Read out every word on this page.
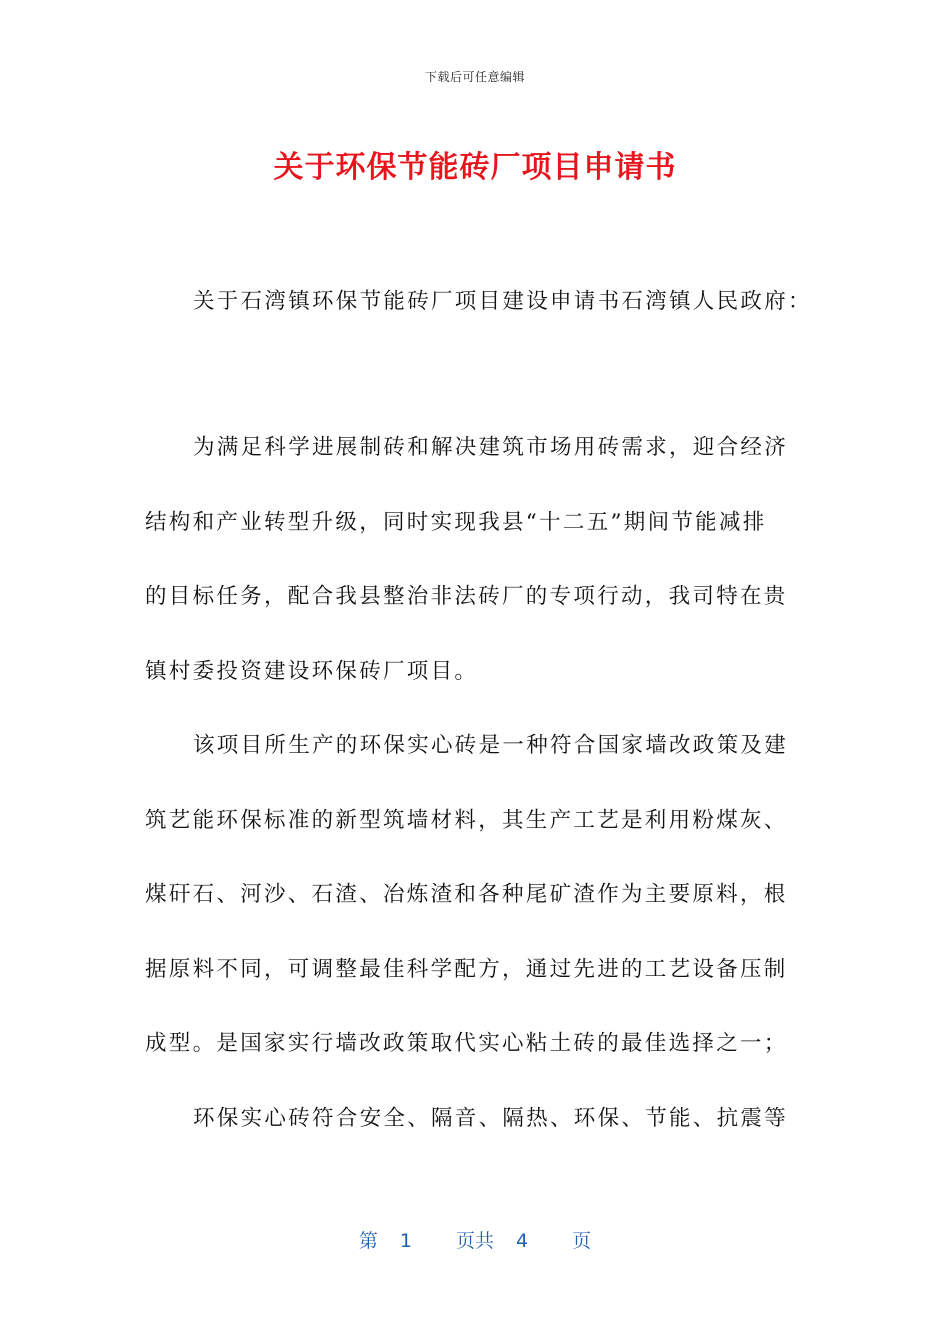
下载后可任意编辑
关于环保节能砖厂项目申请书
关于石湾镇环保节能砖厂项目建设申请书石湾镇人民政府：
为满足科学进展制砖和解决建筑市场用砖需求，迎合经济
结构和产业转型升级，同时实现我县“十二五”期间节能减排
的目标任务，配合我县整治非法砖厂的专项行动，我司特在贵
镇村委投资建设环保砖厂项目。
该项目所生产的环保实心砖是一种符合国家墙改政策及建
筑艺能环保标准的新型筑墙材料，其生产工艺是利用粉煤灰、
煤矸石、河沙、石渣、冶炼渣和各种尾矿渣作为主要原料，根
据原料不同，可调整最佳科学配方，通过先进的工艺设备压制
成型。是国家实行墙改政策取代实心粘土砖的最佳选择之一；
环保实心砖符合安全、隔音、隔热、环保、节能、抗震等
第 1 页共 4 页
